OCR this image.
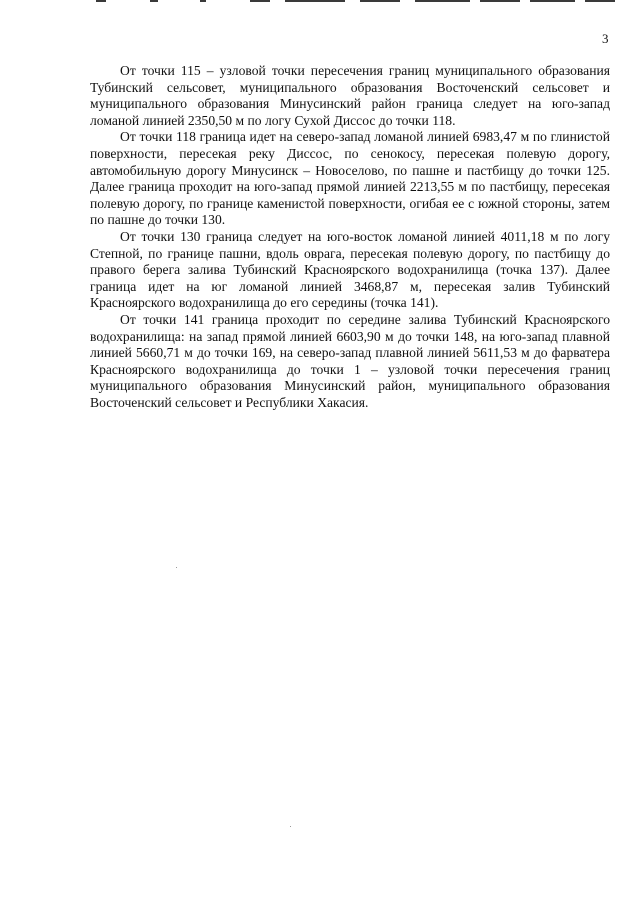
3

От точки 115 – узловой точки пересечения границ муниципального образования Тубинский сельсовет, муниципального образования Восточенский сельсовет и муниципального образования Минусинский район граница следует на юго-запад ломаной линией 2350,50 м по логу Сухой Диссос до точки 118.

От точки 118 граница идет на северо-запад ломаной линией 6983,47 м по глинистой поверхности, пересекая реку Диссос, по сенокосу, пересекая полевую дорогу, автомобильную дорогу Минусинск – Новоселово, по пашне и пастбищу до точки 125. Далее граница проходит на юго-запад прямой линией 2213,55 м по пастбищу, пересекая полевую дорогу, по границе каменистой поверхности, огибая ее с южной стороны, затем по пашне до точки 130.

От точки 130 граница следует на юго-восток ломаной линией 4011,18 м по логу Степной, по границе пашни, вдоль оврага, пересекая полевую дорогу, по пастбищу до правого берега залива Тубинский Красноярского водохранилища (точка 137). Далее граница идет на юг ломаной линией 3468,87 м, пересекая залив Тубинский Красноярского водохранилища до его середины (точка 141).

От точки 141 граница проходит по середине залива Тубинский Красноярского водохранилища: на запад прямой линией 6603,90 м до точки 148, на юго-запад плавной линией 5660,71 м до точки 169, на северо-запад плавной линией 5611,53 м до фарватера Красноярского водохранилища до точки 1 – узловой точки пересечения границ муниципального образования Минусинский район, муниципального образования Восточенский сельсовет и Республики Хакасия.
